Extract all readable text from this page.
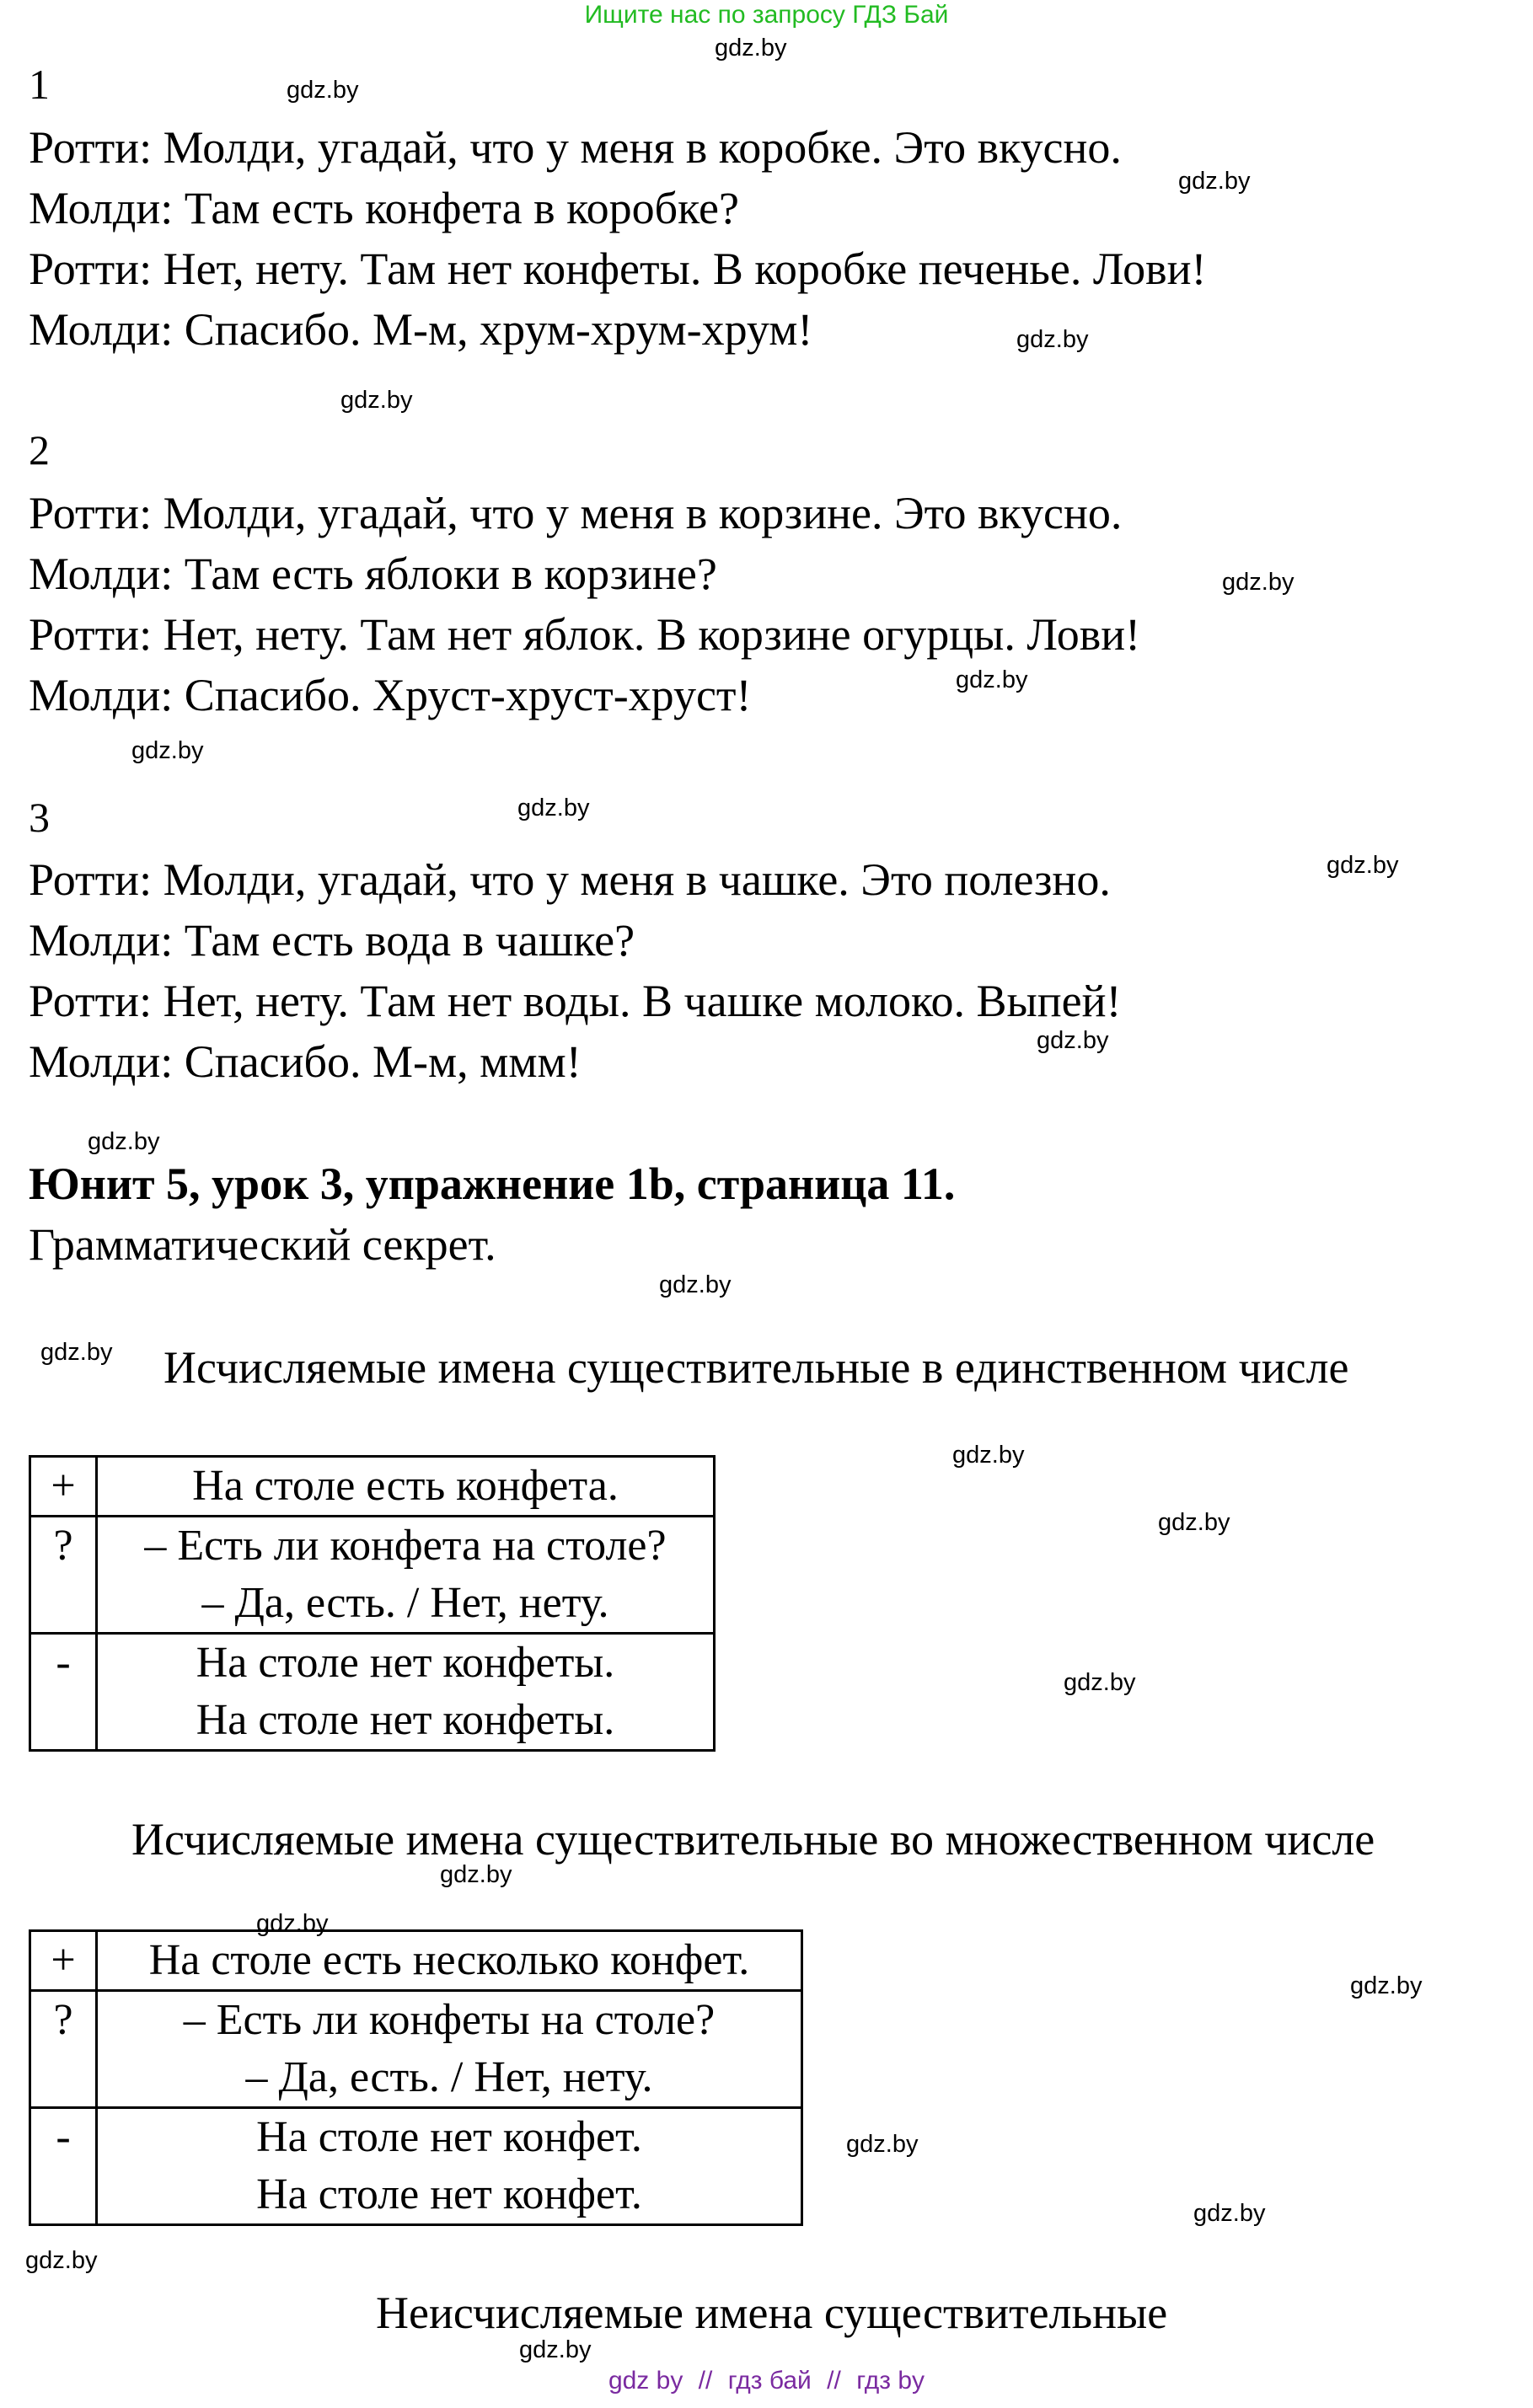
Ищите нас по запросу ГДЗ Бай
1
Ротти: Молди, угадай, что у меня в коробке. Это вкусно.
Молди: Там есть конфета в коробке?
Ротти: Нет, нету. Там нет конфеты. В коробке печенье. Лови!
Молди: Спасибо. М-м, хрум-хрум-хрум!
2
Ротти: Молди, угадай, что у меня в корзине. Это вкусно.
Молди: Там есть яблоки в корзине?
Ротти: Нет, нету. Там нет яблок. В корзине огурцы. Лови!
Молди: Спасибо. Хруст-хруст-хруст!
3
Ротти: Молди, угадай, что у меня в чашке. Это полезно.
Молди: Там есть вода в чашке?
Ротти: Нет, нету. Там нет воды. В чашке молоко. Выпей!
Молди: Спасибо. М-м, ммм!
Юнит 5, урок 3, упражнение 1b, страница 11.
Грамматический секрет.
Исчисляемые имена существительные в единственном числе
+	На столе есть конфета.

?	– Есть ли конфета на столе?
– Да, есть. / Нет, нету.

-	На столе нет конфеты.
На столе нет конфеты.
Исчисляемые имена существительные во множественном числе
+	На столе есть несколько конфет.

?	– Есть ли конфеты на столе?
– Да, есть. / Нет, нету.

-	На столе нет конфет.
На столе нет конфет.
Неисчисляемые имена существительные
gdz.by
gdz.by
gdz.by
gdz.by
gdz.by
gdz.by
gdz.by
gdz.by
gdz.by
gdz.by
gdz.by
gdz.by
gdz.by
gdz.by
gdz.by
gdz.by
gdz.by
gdz.by
gdz.by
gdz.by
gdz.by
gdz.by
gdz.by
gdz.by
gdz by // гдз бай // гдз by
